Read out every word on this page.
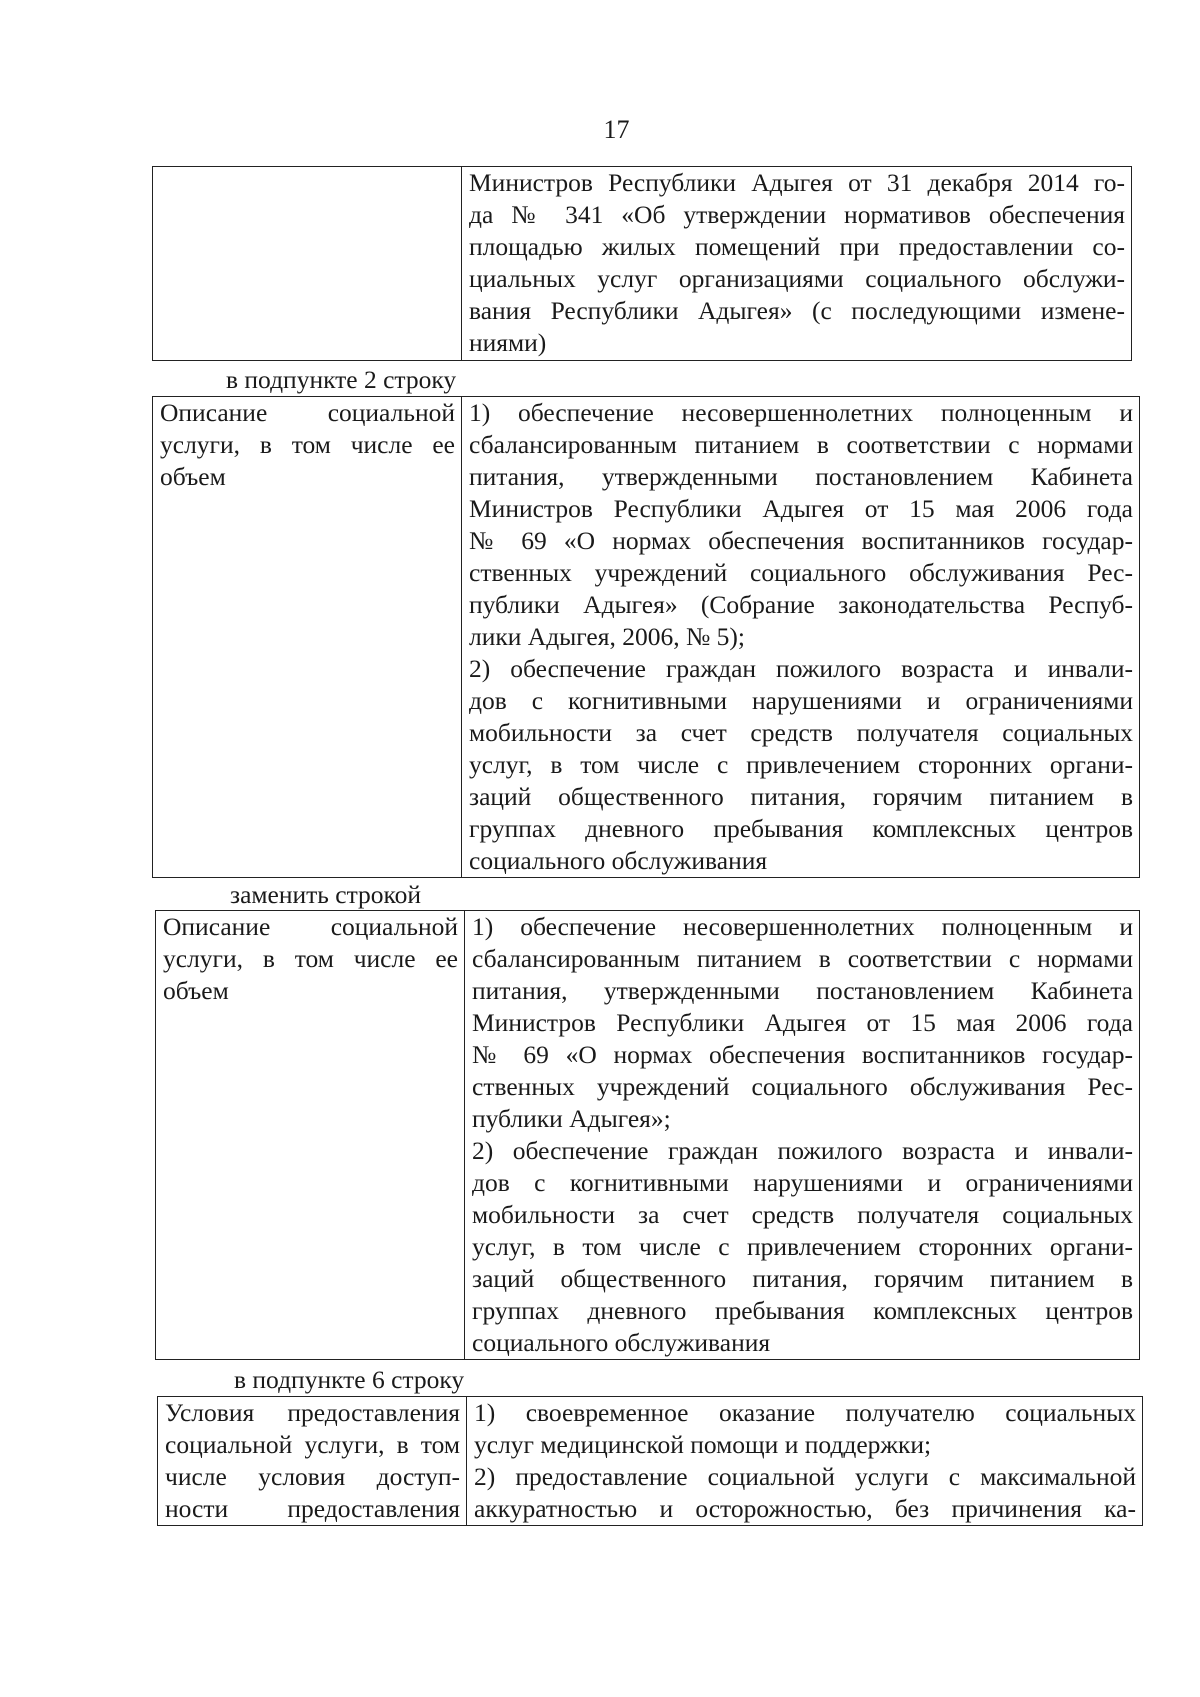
17

Министров Республики Адыгея от 31 декабря 2014 го-
да № 341 «Об утверждении нормативов обеспечения
площадью жилых помещений при предоставлении со-
циальных услуг организациями социального обслужи-
вания Республики Адыгея» (с последующими измене-
ниями)
в подпункте 2 строку
Описание социальной
услуги, в том числе ее
объем

1) обеспечение несовершеннолетних полноценным и
сбалансированным питанием в соответствии с нормами
питания, утвержденными постановлением Кабинета
Министров Республики Адыгея от 15 мая 2006 года
№ 69 «О нормах обеспечения воспитанников государ-
ственных учреждений социального обслуживания Рес-
публики Адыгея» (Собрание законодательства Респуб-
лики Адыгея, 2006, № 5);
2) обеспечение граждан пожилого возраста и инвали-
дов с когнитивными нарушениями и ограничениями
мобильности за счет средств получателя социальных
услуг, в том числе с привлечением сторонних органи-
заций общественного питания, горячим питанием в
группах дневного пребывания комплексных центров
социального обслуживания
заменить строкой
Описание социальной
услуги, в том числе ее
объем

1) обеспечение несовершеннолетних полноценным и
сбалансированным питанием в соответствии с нормами
питания, утвержденными постановлением Кабинета
Министров Республики Адыгея от 15 мая 2006 года
№ 69 «О нормах обеспечения воспитанников государ-
ственных учреждений социального обслуживания Рес-
публики Адыгея»;
2) обеспечение граждан пожилого возраста и инвали-
дов с когнитивными нарушениями и ограничениями
мобильности за счет средств получателя социальных
услуг, в том числе с привлечением сторонних органи-
заций общественного питания, горячим питанием в
группах дневного пребывания комплексных центров
социального обслуживания
в подпункте 6 строку
Условия предоставления
социальной услуги, в том
числе условия доступ-
ности предоставления

1) своевременное оказание получателю социальных
услуг медицинской помощи и поддержки;
2) предоставление социальной услуги с максимальной
аккуратностью и осторожностью, без причинения ка-
